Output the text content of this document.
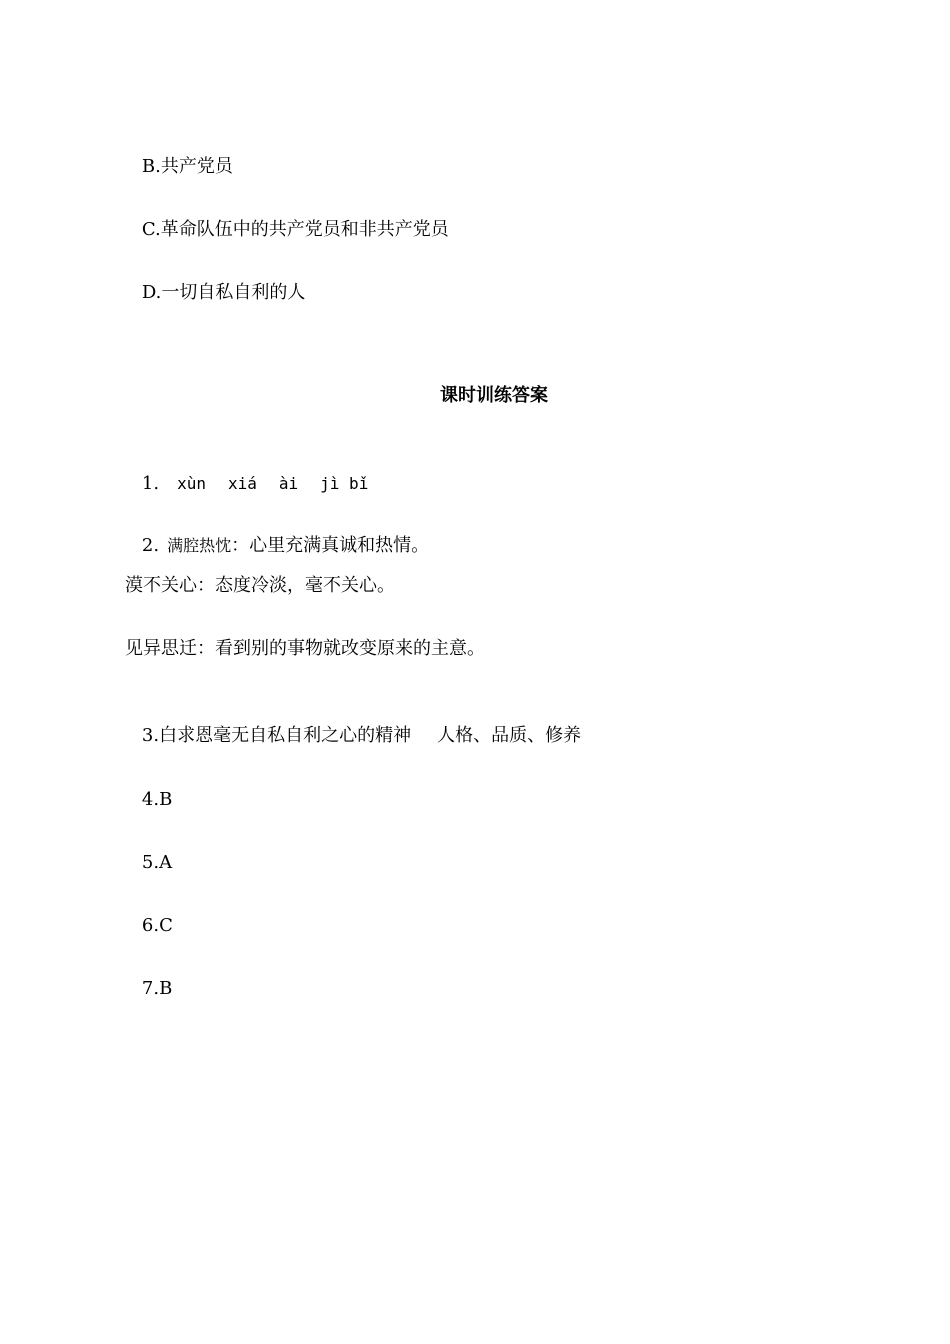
B.共产党员

C.革命队伍中的共产党员和非共产党员

D.一切自私自利的人

课时训练答案

1. xùn xiá ài jì bǐ

2. 满腔热忱：心里充满真诚和热情。

漠不关心：态度冷淡，毫不关心。
见异思迁：看到别的事物就改变原来的主意。

3.白求恩毫无自私自利之心的精神 人格、品质、修养

4.B

5.A

6.C

7.B
